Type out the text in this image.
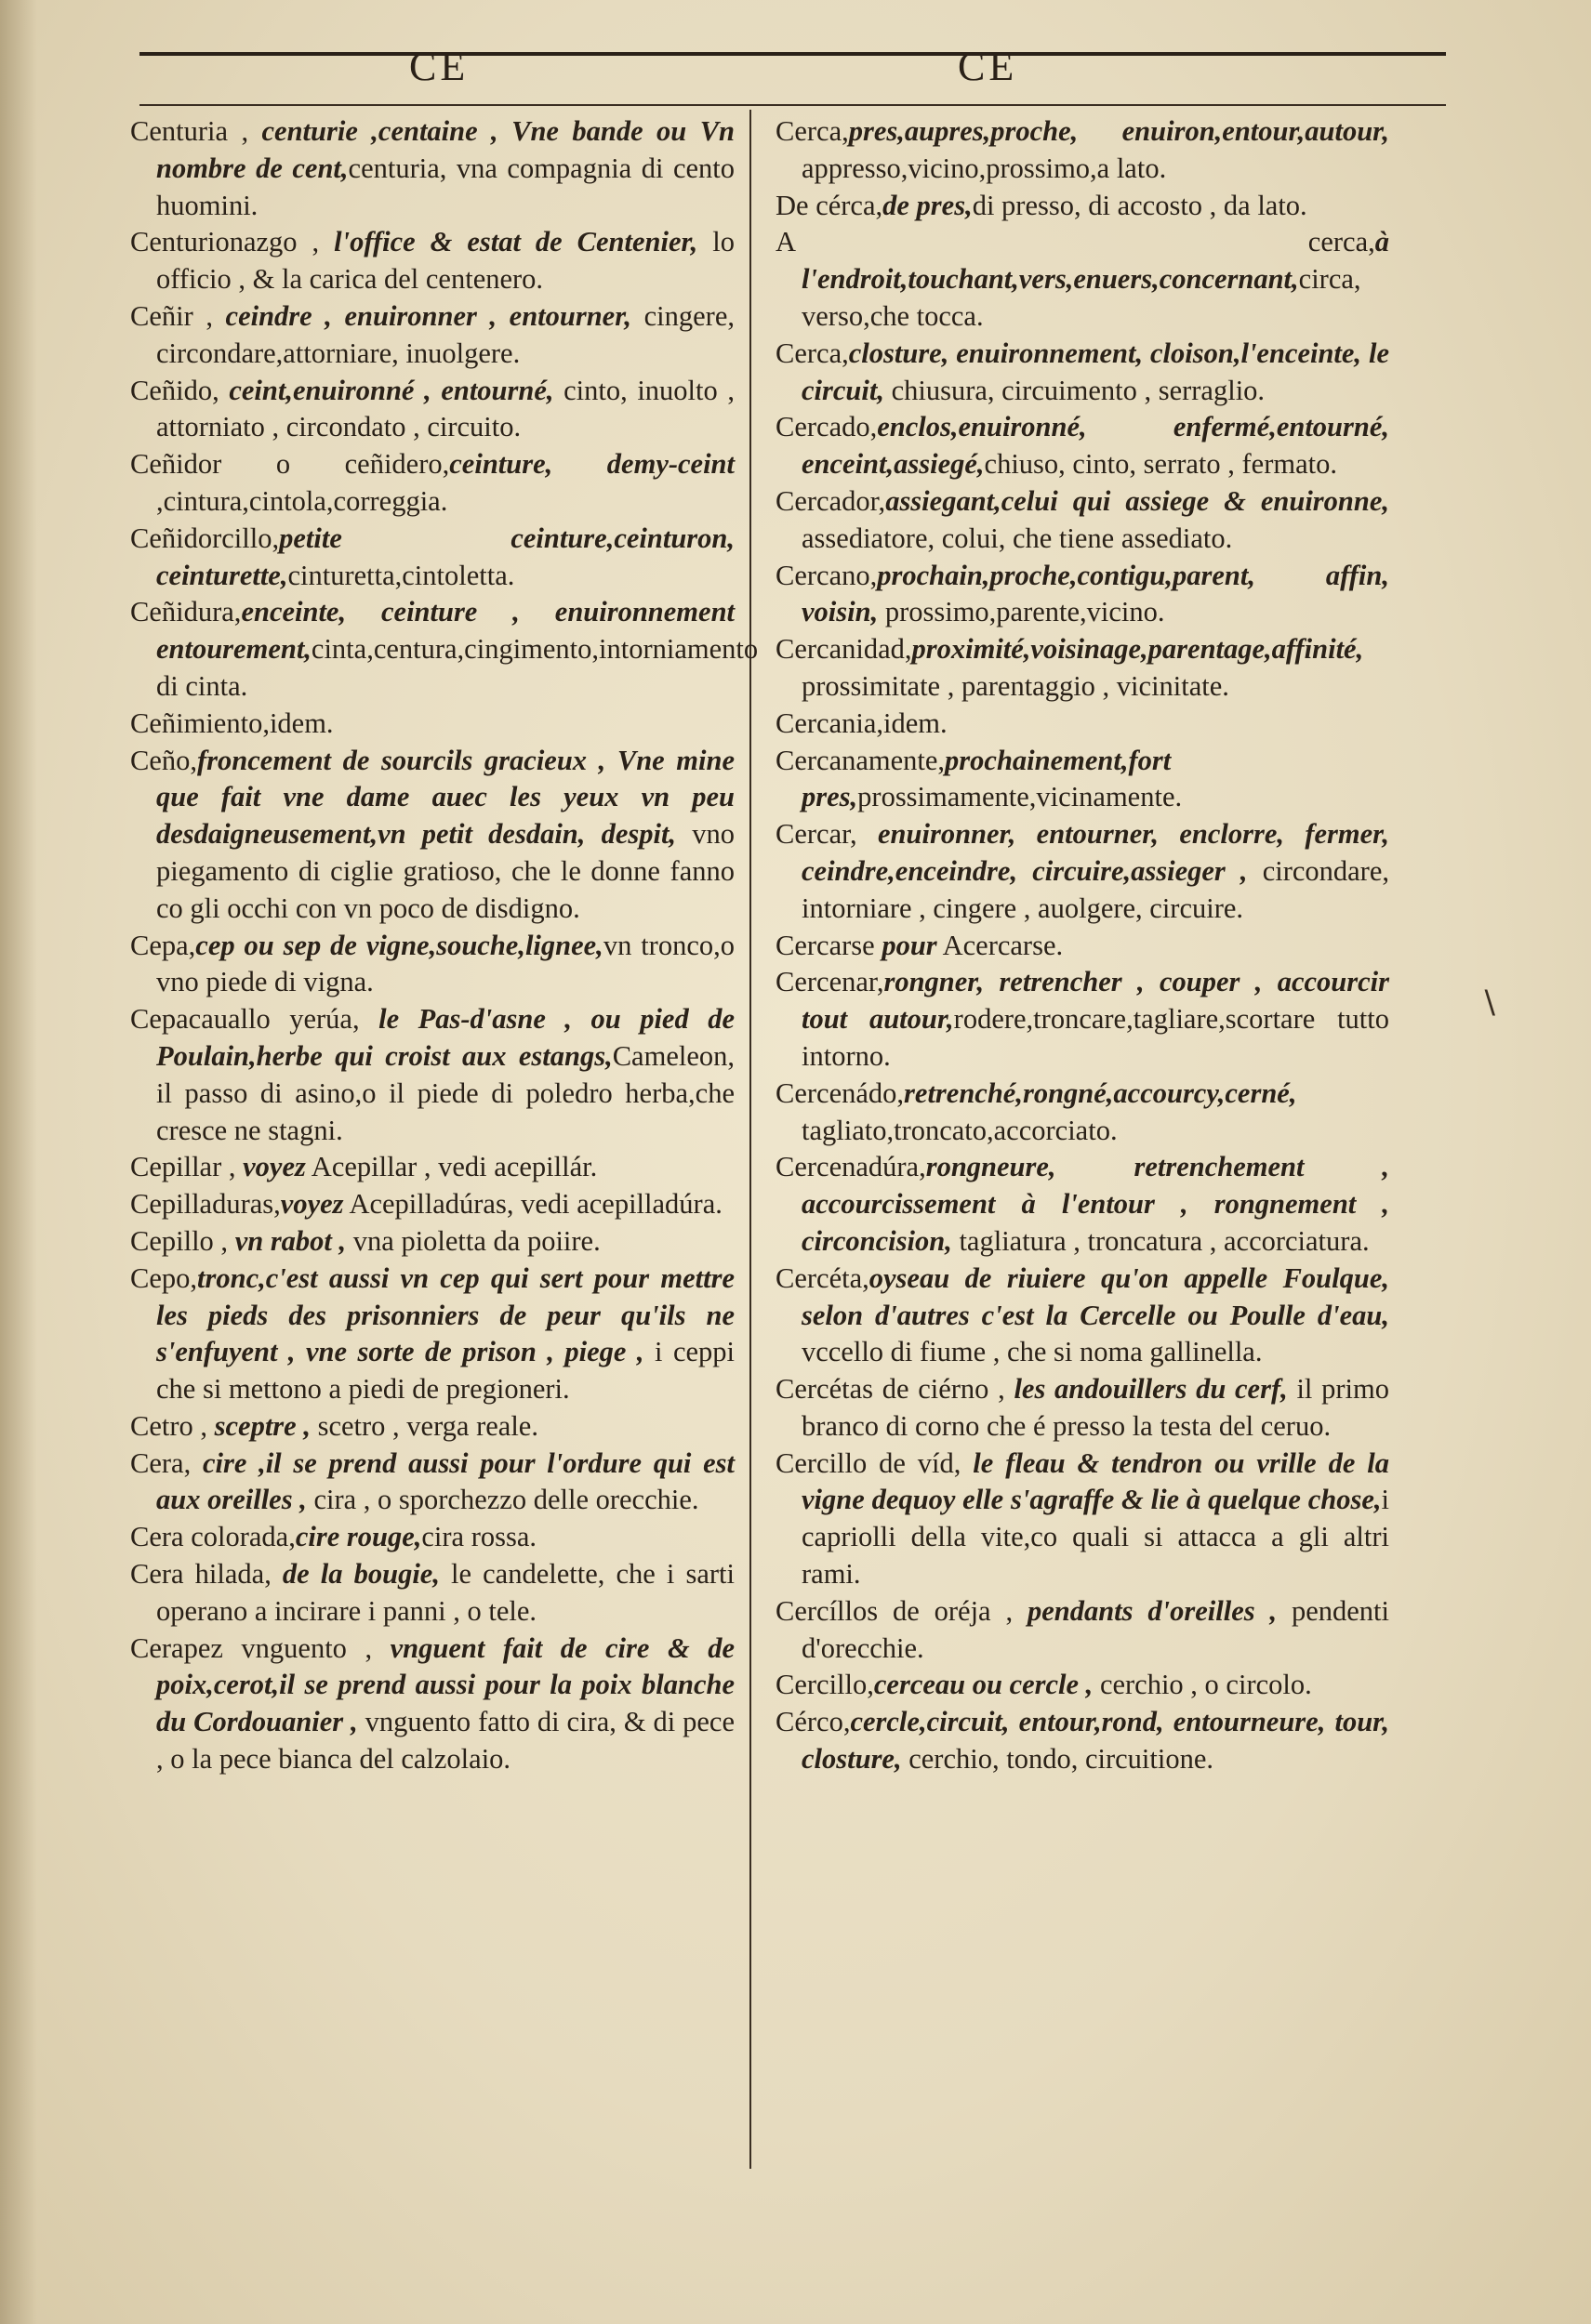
CE	CE
∖

Centuria , centurie ,centaine , Vne bande ou Vn nombre de cent,centuria, vna compagnia di cento huomini.

Centurionazgo , l'office & estat de Centenier, lo officio , & la carica del centenero.

Ceñir , ceindre , enuironner , entourner, cingere, circondare,attorniare, inuolgere.

Ceñido, ceint,enuironné , entourné, cinto, inuolto , attorniato , circondato , circuito.

Ceñidor o ceñidero,ceinture, demy-ceint ,cintura,cintola,correggia.

Ceñidorcillo,petite ceinture,ceinturon, ceinturette,cinturetta,cintoletta.

Ceñidura,enceinte, ceinture , enuironnement entourement,cinta,centura,cingimento,intorniamento di cinta.

Ceñimiento,idem.

Ceño,froncement de sourcils gracieux , Vne mine que fait vne dame auec les yeux vn peu desdaigneusement,vn petit desdain, despit, vno piegamento di ciglie gratioso, che le donne fanno co gli occhi con vn poco de disdigno.

Cepa,cep ou sep de vigne,souche,lignee,vn tronco,o vno piede di vigna.

Cepacauallo yerúa, le Pas-d'asne , ou pied de Poulain,herbe qui croist aux estangs,Cameleon, il passo di asino,o il piede di poledro herba,che cresce ne stagni.

Cepillar , voyez Acepillar , vedi acepillár.

Cepilladuras,voyez Acepilladúras, vedi acepilladúra.

Cepillo , vn rabot , vna pioletta da poiire.

Cepo,tronc,c'est aussi vn cep qui sert pour mettre les pieds des prisonniers de peur qu'ils ne s'enfuyent , vne sorte de prison , piege , i ceppi che si mettono a piedi de pregioneri.

Cetro , sceptre , scetro , verga reale.

Cera, cire ,il se prend aussi pour l'ordure qui est aux oreilles , cira , o sporchezzo delle orecchie.

Cera colorada,cire rouge,cira rossa.

Cera hilada, de la bougie, le candelette, che i sarti operano a incirare i panni , o tele.

Cerapez vnguento , vnguent fait de cire & de poix,cerot,il se prend aussi pour la poix blanche du Cordouanier , vnguento fatto di cira, & di pece , o la pece bianca del calzolaio.

Cerca,pres,aupres,proche, enuiron,entour,autour, appresso,vicino,prossimo,a lato.

De cérca,de pres,di presso, di accosto , da lato.

A cerca,à l'endroit,touchant,vers,enuers,concernant,circa, verso,che tocca.

Cerca,closture, enuironnement, cloison,l'enceinte, le circuit, chiusura, circuimento , serraglio.

Cercado,enclos,enuironné, enfermé,entourné, enceint,assiegé,chiuso, cinto, serrato , fermato.

Cercador,assiegant,celui qui assiege & enuironne, assediatore, colui, che tiene assediato.

Cercano,prochain,proche,contigu,parent, affin, voisin, prossimo,parente,vicino.

Cercanidad,proximité,voisinage,parentage,affinité, prossimitate , parentaggio , vicinitate.

Cercania,idem.

Cercanamente,prochainement,fort pres,prossimamente,vicinamente.

Cercar, enuironner, entourner, enclorre, fermer, ceindre,enceindre, circuire,assieger , circondare, intorniare , cingere , auolgere, circuire.

Cercarse pour Acercarse.

Cercenar,rongner, retrencher , couper , accourcir tout autour,rodere,troncare,tagliare,scortare tutto intorno.

Cercenádo,retrenché,rongné,accourcy,cerné, tagliato,troncato,accorciato.

Cercenadúra,rongneure, retrenchement , accourcissement à l'entour , rongnement , circoncision, tagliatura , troncatura , accorciatura.

Cercéta,oyseau de riuiere qu'on appelle Foulque, selon d'autres c'est la Cercelle ou Poulle d'eau, vccello di fiume , che si noma gallinella.

Cercétas de ciérno , les andouillers du cerf, il primo branco di corno che é presso la testa del ceruo.

Cercillo de víd, le fleau & tendron ou vrille de la vigne dequoy elle s'agraffe & lie à quelque chose,i capriolli della vite,co quali si attacca a gli altri rami.

Cercíllos de oréja , pendants d'oreilles , pendenti d'orecchie.

Cercillo,cerceau ou cercle , cerchio , o circolo.

Cérco,cercle,circuit, entour,rond, entourneure, tour, closture, cerchio, tondo, circuitione.
